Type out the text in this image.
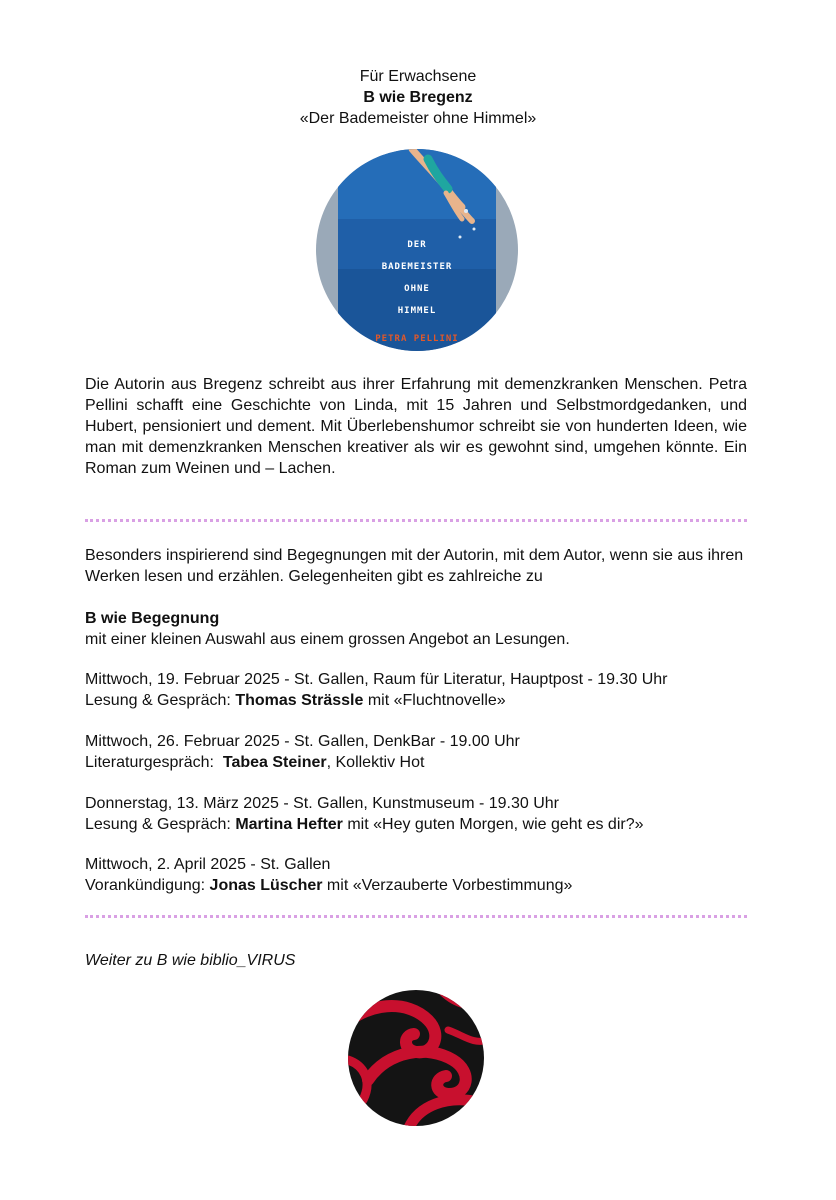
Für Erwachsene
B wie Bregenz
«Der Bademeister ohne Himmel»
DER
BADEMEISTER
OHNE
HIMMEL
PETRA PELLINI
Die Autorin aus Bregenz schreibt aus ihrer Erfahrung mit demenzkranken Menschen. Petra Pellini schafft eine Geschichte von Linda, mit 15 Jahren und Selbstmordgedanken, und Hubert, pensioniert und dement. Mit Überlebenshumor schreibt sie von hunderten Ideen, wie man mit demenzkranken Menschen kreativer als wir es gewohnt sind, umgehen könnte. Ein Roman zum Weinen und – Lachen.
Besonders inspirierend sind Begegnungen mit der Autorin, mit dem Autor, wenn sie aus ihren Werken lesen und erzählen. Gelegenheiten gibt es zahlreiche zu
B wie Begegnung
mit einer kleinen Auswahl aus einem grossen Angebot an Lesungen.
Mittwoch, 19. Februar 2025 - St. Gallen, Raum für Literatur, Hauptpost - 19.30 Uhr
Lesung & Gespräch: Thomas Strässle mit «Fluchtnovelle»
Mittwoch, 26. Februar 2025 - St. Gallen, DenkBar - 19.00 Uhr
Literaturgespräch:  Tabea Steiner, Kollektiv Hot
Donnerstag, 13. März 2025 - St. Gallen, Kunstmuseum - 19.30 Uhr
Lesung & Gespräch: Martina Hefter mit «Hey guten Morgen, wie geht es dir?»
Mittwoch, 2. April 2025 - St. Gallen
Vorankündigung: Jonas Lüscher mit «Verzauberte Vorbestimmung»
Weiter zu B wie biblio_VIRUS
